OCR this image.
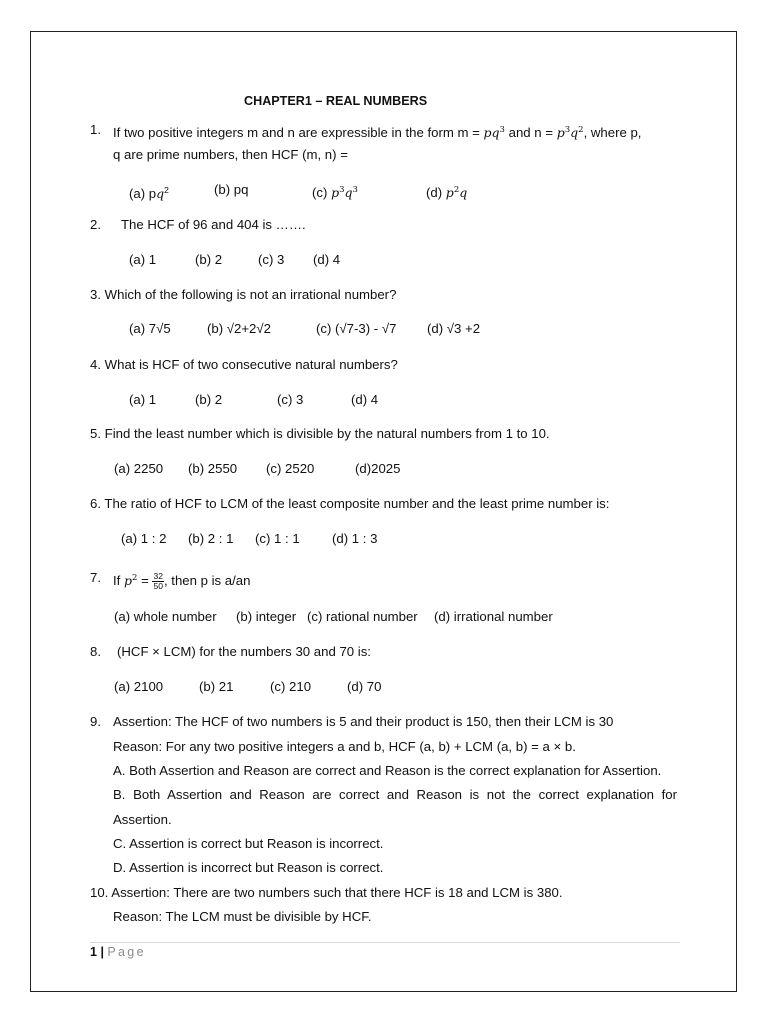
CHAPTER1 – REAL NUMBERS
1. If two positive integers m and n are expressible in the form $m = pq^3$ and $n = p^3q^2$, where p,
q are prime numbers, then HCF (m, n) =
(a) $pq^2$	(b) pq	(c) $p^3q^3$	(d) $p^2q$
2. The HCF of 96 and 404 is …….
(a) 1	(b) 2	(c) 3 (d) 4
3. Which of the following is not an irrational number?
(a) 7√5	(b) √2+2√2	(c) (√7-3) - √7 (d) √3 +2
4. What is HCF of two consecutive natural numbers?
(a) 1	(b) 2	(c) 3	(d) 4
5. Find the least number which is divisible by the natural numbers from 1 to 10.
(a) 2250 (b) 2550 (c) 2520	(d)2025
6. The ratio of HCF to LCM of the least composite number and the least prime number is:
(a) 1 : 2 (b) 2 : 1 (c) 1 : 1 (d) 1 : 3
7. If $p^2 = \frac{32}{50}$ , then p is a/an
(a) whole number (b) integer (c) rational number (d) irrational number
8. (HCF × LCM) for the numbers 30 and 70 is:
(a) 2100	(b) 21	(c) 210	(d) 70
9. Assertion: The HCF of two numbers is 5 and their product is 150, then their LCM is 30
Reason: For any two positive integers a and b, HCF (a, b) + LCM (a, b) = a × b.
A. Both Assertion and Reason are correct and Reason is the correct explanation for Assertion.
B. Both Assertion and Reason are correct and Reason is not the correct explanation for
Assertion.
C. Assertion is correct but Reason is incorrect.
D. Assertion is incorrect but Reason is correct.
10. Assertion: There are two numbers such that there HCF is 18 and LCM is 380.
Reason: The LCM must be divisible by HCF.
1 | Page
